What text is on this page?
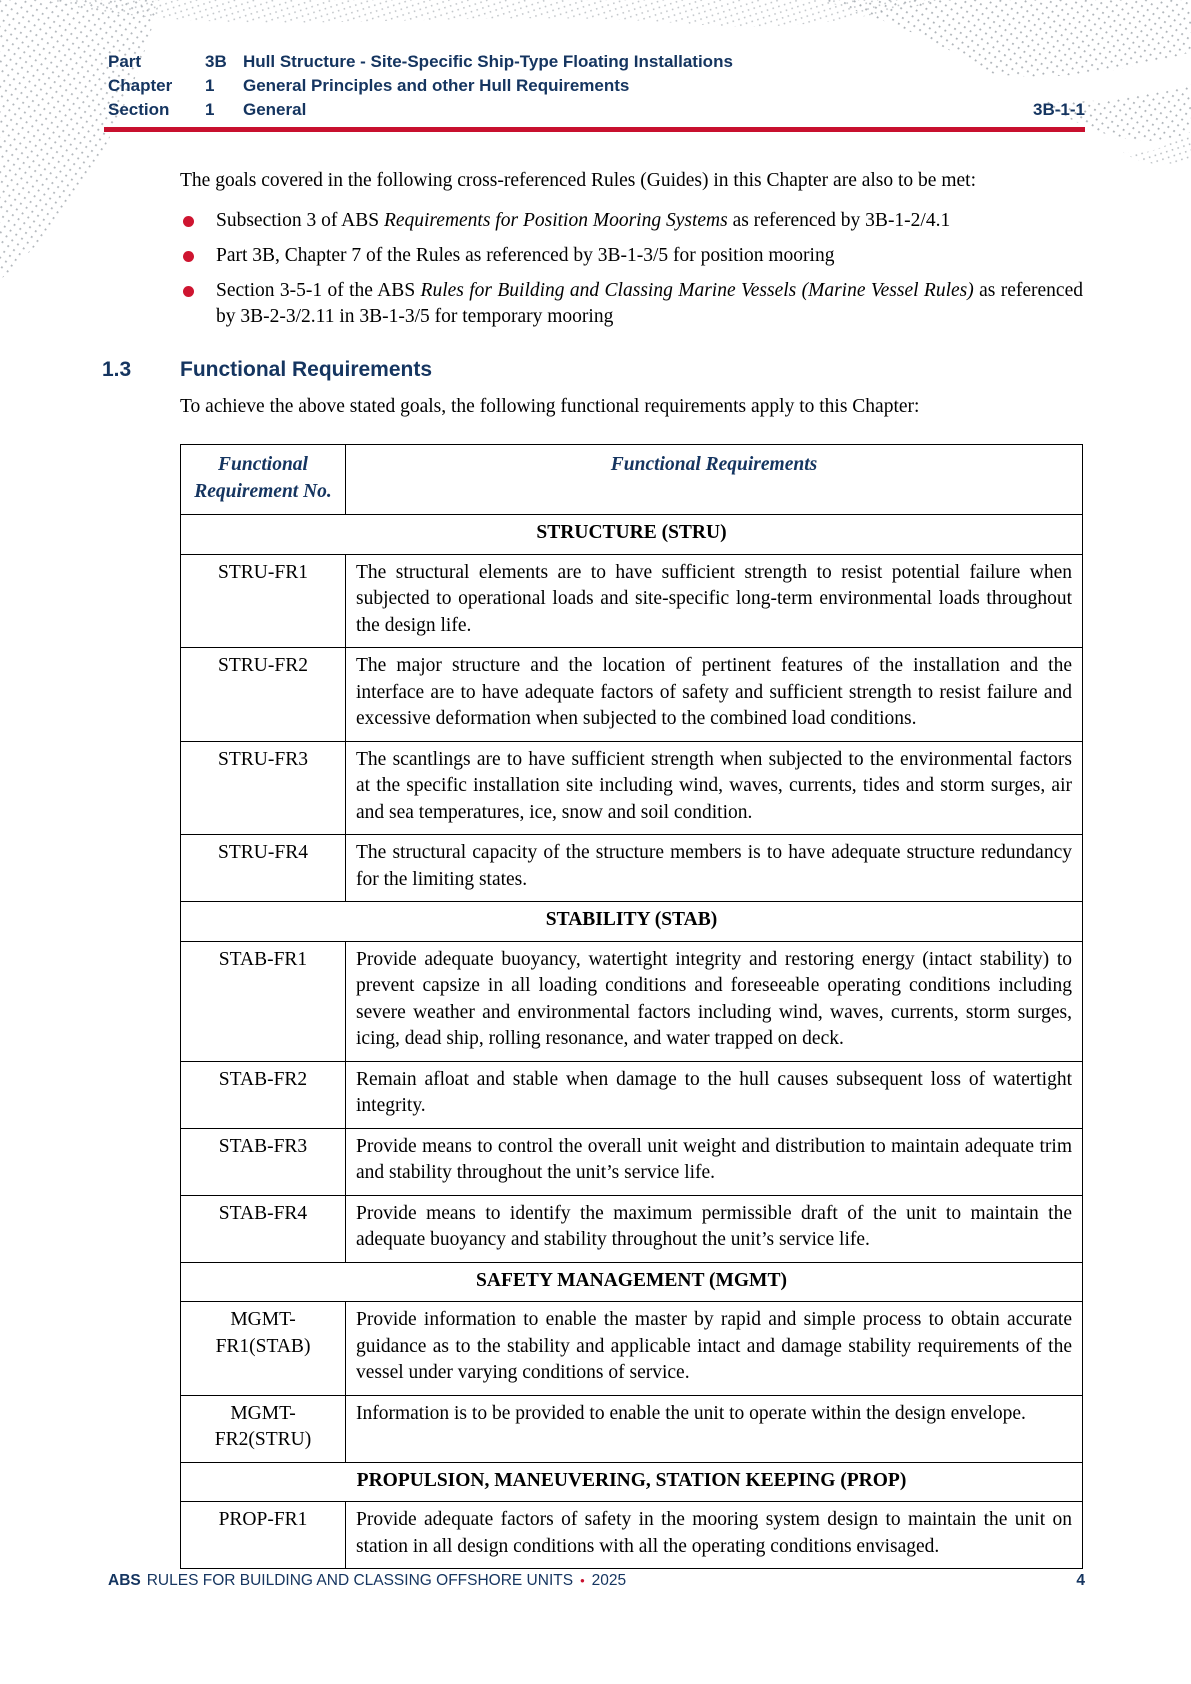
Part	3B Hull Structure - Site-Specific Ship-Type Floating Installations
Chapter	1	General Principles and other Hull Requirements
Section	1	General	3B-1-1

The goals covered in the following cross-referenced Rules (Guides) in this Chapter are also to be met:

Subsection 3 of ABS Requirements for Position Mooring Systems as referenced by 3B-1-2/4.1
Part 3B, Chapter 7 of the Rules as referenced by 3B-1-3/5 for position mooring
Section 3-5-1 of the ABS Rules for Building and Classing Marine Vessels (Marine Vessel Rules) as referenced by 3B-2-3/2.11 in 3B-1-3/5 for temporary mooring
1.3 Functional Requirements

To achieve the above stated goals, the following functional requirements apply to this Chapter:

Functional Requirement No.	Functional Requirements
STRUCTURE (STRU)	
STRU-FR1	The structural elements are to have sufficient strength to resist potential failure when subjected to operational loads and site-specific long-term environmental loads throughout the design life.
STRU-FR2	The major structure and the location of pertinent features of the installation and the interface are to have adequate factors of safety and sufficient strength to resist failure and excessive deformation when subjected to the combined load conditions.
STRU-FR3	The scantlings are to have sufficient strength when subjected to the environmental factors at the specific installation site including wind, waves, currents, tides and storm surges, air and sea temperatures, ice, snow and soil condition.
STRU-FR4	The structural capacity of the structure members is to have adequate structure redundancy for the limiting states.
STABILITY (STAB)	
STAB-FR1	Provide adequate buoyancy, watertight integrity and restoring energy (intact stability) to prevent capsize in all loading conditions and foreseeable operating conditions including severe weather and environmental factors including wind, waves, currents, storm surges, icing, dead ship, rolling resonance, and water trapped on deck.
STAB-FR2	Remain afloat and stable when damage to the hull causes subsequent loss of watertight integrity.
STAB-FR3	Provide means to control the overall unit weight and distribution to maintain adequate trim and stability throughout the unit’s service life.
STAB-FR4	Provide means to identify the maximum permissible draft of the unit to maintain the adequate buoyancy and stability throughout the unit’s service life.
SAFETY MANAGEMENT (MGMT)	
MGMT-FR1(STAB)	Provide information to enable the master by rapid and simple process to obtain accurate guidance as to the stability and applicable intact and damage stability requirements of the vessel under varying conditions of service.
MGMT-FR2(STRU)	Information is to be provided to enable the unit to operate within the design envelope.
PROPULSION, MANEUVERING, STATION KEEPING (PROP)	
PROP-FR1	Provide adequate factors of safety in the mooring system design to maintain the unit on station in all design conditions with all the operating conditions envisaged.
ABS RULES FOR BUILDING AND CLASSING OFFSHORE UNITS • 2025	4
